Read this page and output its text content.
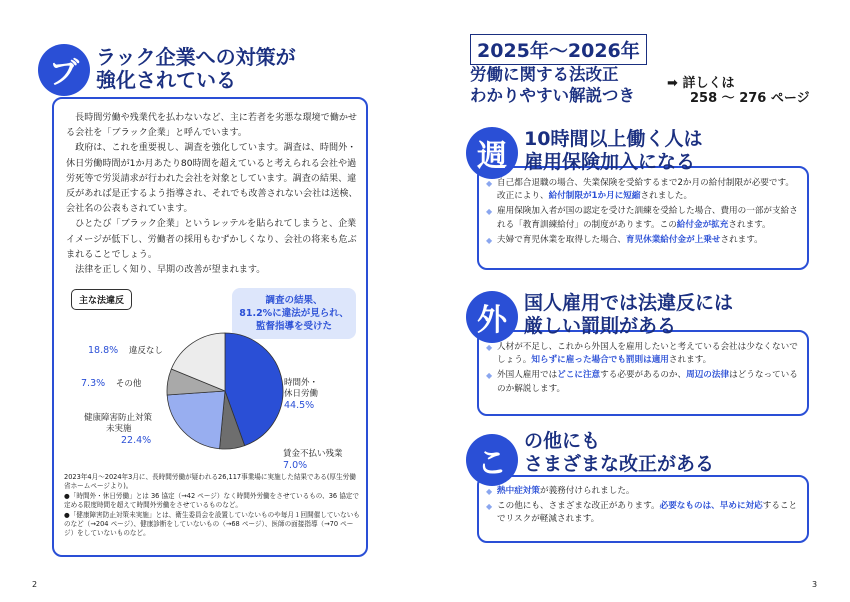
ブ ラック企業への対策が
強化されている

長時間労働や残業代を払わないなど、主に若者を劣悪な環境で働かせる会社を「ブラック企業」と呼んでいます。

政府は、これを重要視し、調査を強化しています。調査は、時間外・休日労働時間が1か月あたり80時間を超えていると考えられる会社や過労死等で労災請求が行われた会社を対象としています。調査の結果、違反があれば是正するよう指導され、それでも改善されない会社は送検、会社名の公表もされています。

ひとたび「ブラック企業」というレッテルを貼られてしまうと、企業イメージが低下し、労働者の採用もむずかしくなり、会社の将来も危ぶまれることでしょう。

法律を正しく知り、早期の改善が望まれます。

主な法違反	調査の結果、
81.2%に違法が見られ、
監督指導を受けた
時間外・
休日労働
44.5%
賃金不払い残業
7.0%
健康障害防止対策
未実施
22.4%
7.3% その他
18.8% 違反なし
2023年4月～2024年3月に、長時間労働が疑われる26,117事業場に実施した結果である(厚生労働省ホームページより)。
●「時間外・休日労働」とは 36 協定（→42 ページ）なく時間外労働をさせているもの、36 協定で定める限度時間を超えて時間外労働をさせているものなど。
●「健康障害防止対策未実施」とは、衛生委員会を設置していないものや毎月１回開催していないものなど（→204 ページ）、健康診断をしていないもの（→68 ページ）、医師の面接指導（→70 ページ）をしていないものなど。
2
2025年～2026年
労働に関する法改正
わかりやすい解説つき
➡ 詳しくは
258 ～ 276 ページ
週 10時間以上働く人は
雇用保険加入になる

◆ 自己都合退職の場合、失業保険を受給するまで2か月の給付制限が必要です。改正により、給付制限が1か月に短縮されました。

◆ 雇用保険加入者が国の認定を受けた訓練を受給した場合、費用の一部が支給される「教育訓練給付」の制度があります。この給付金が拡充されます。

◆ 夫婦で育児休業を取得した場合、育児休業給付金が上乗せされます。

外 国人雇用では法違反には
厳しい罰則がある

◆ 人材が不足し、これから外国人を雇用したいと考えている会社は少なくないでしょう。知らずに雇った場合でも罰則は適用されます。

◆ 外国人雇用ではどこに注意する必要があるのか、周辺の法律はどうなっているのか解説します。

こ
の他にも
さまざまな改正がある

◆ 熱中症対策が義務付けられました。

◆ この他にも、さまざまな改正があります。必要なものは、早めに対応することでリスクが軽減されます。

3
